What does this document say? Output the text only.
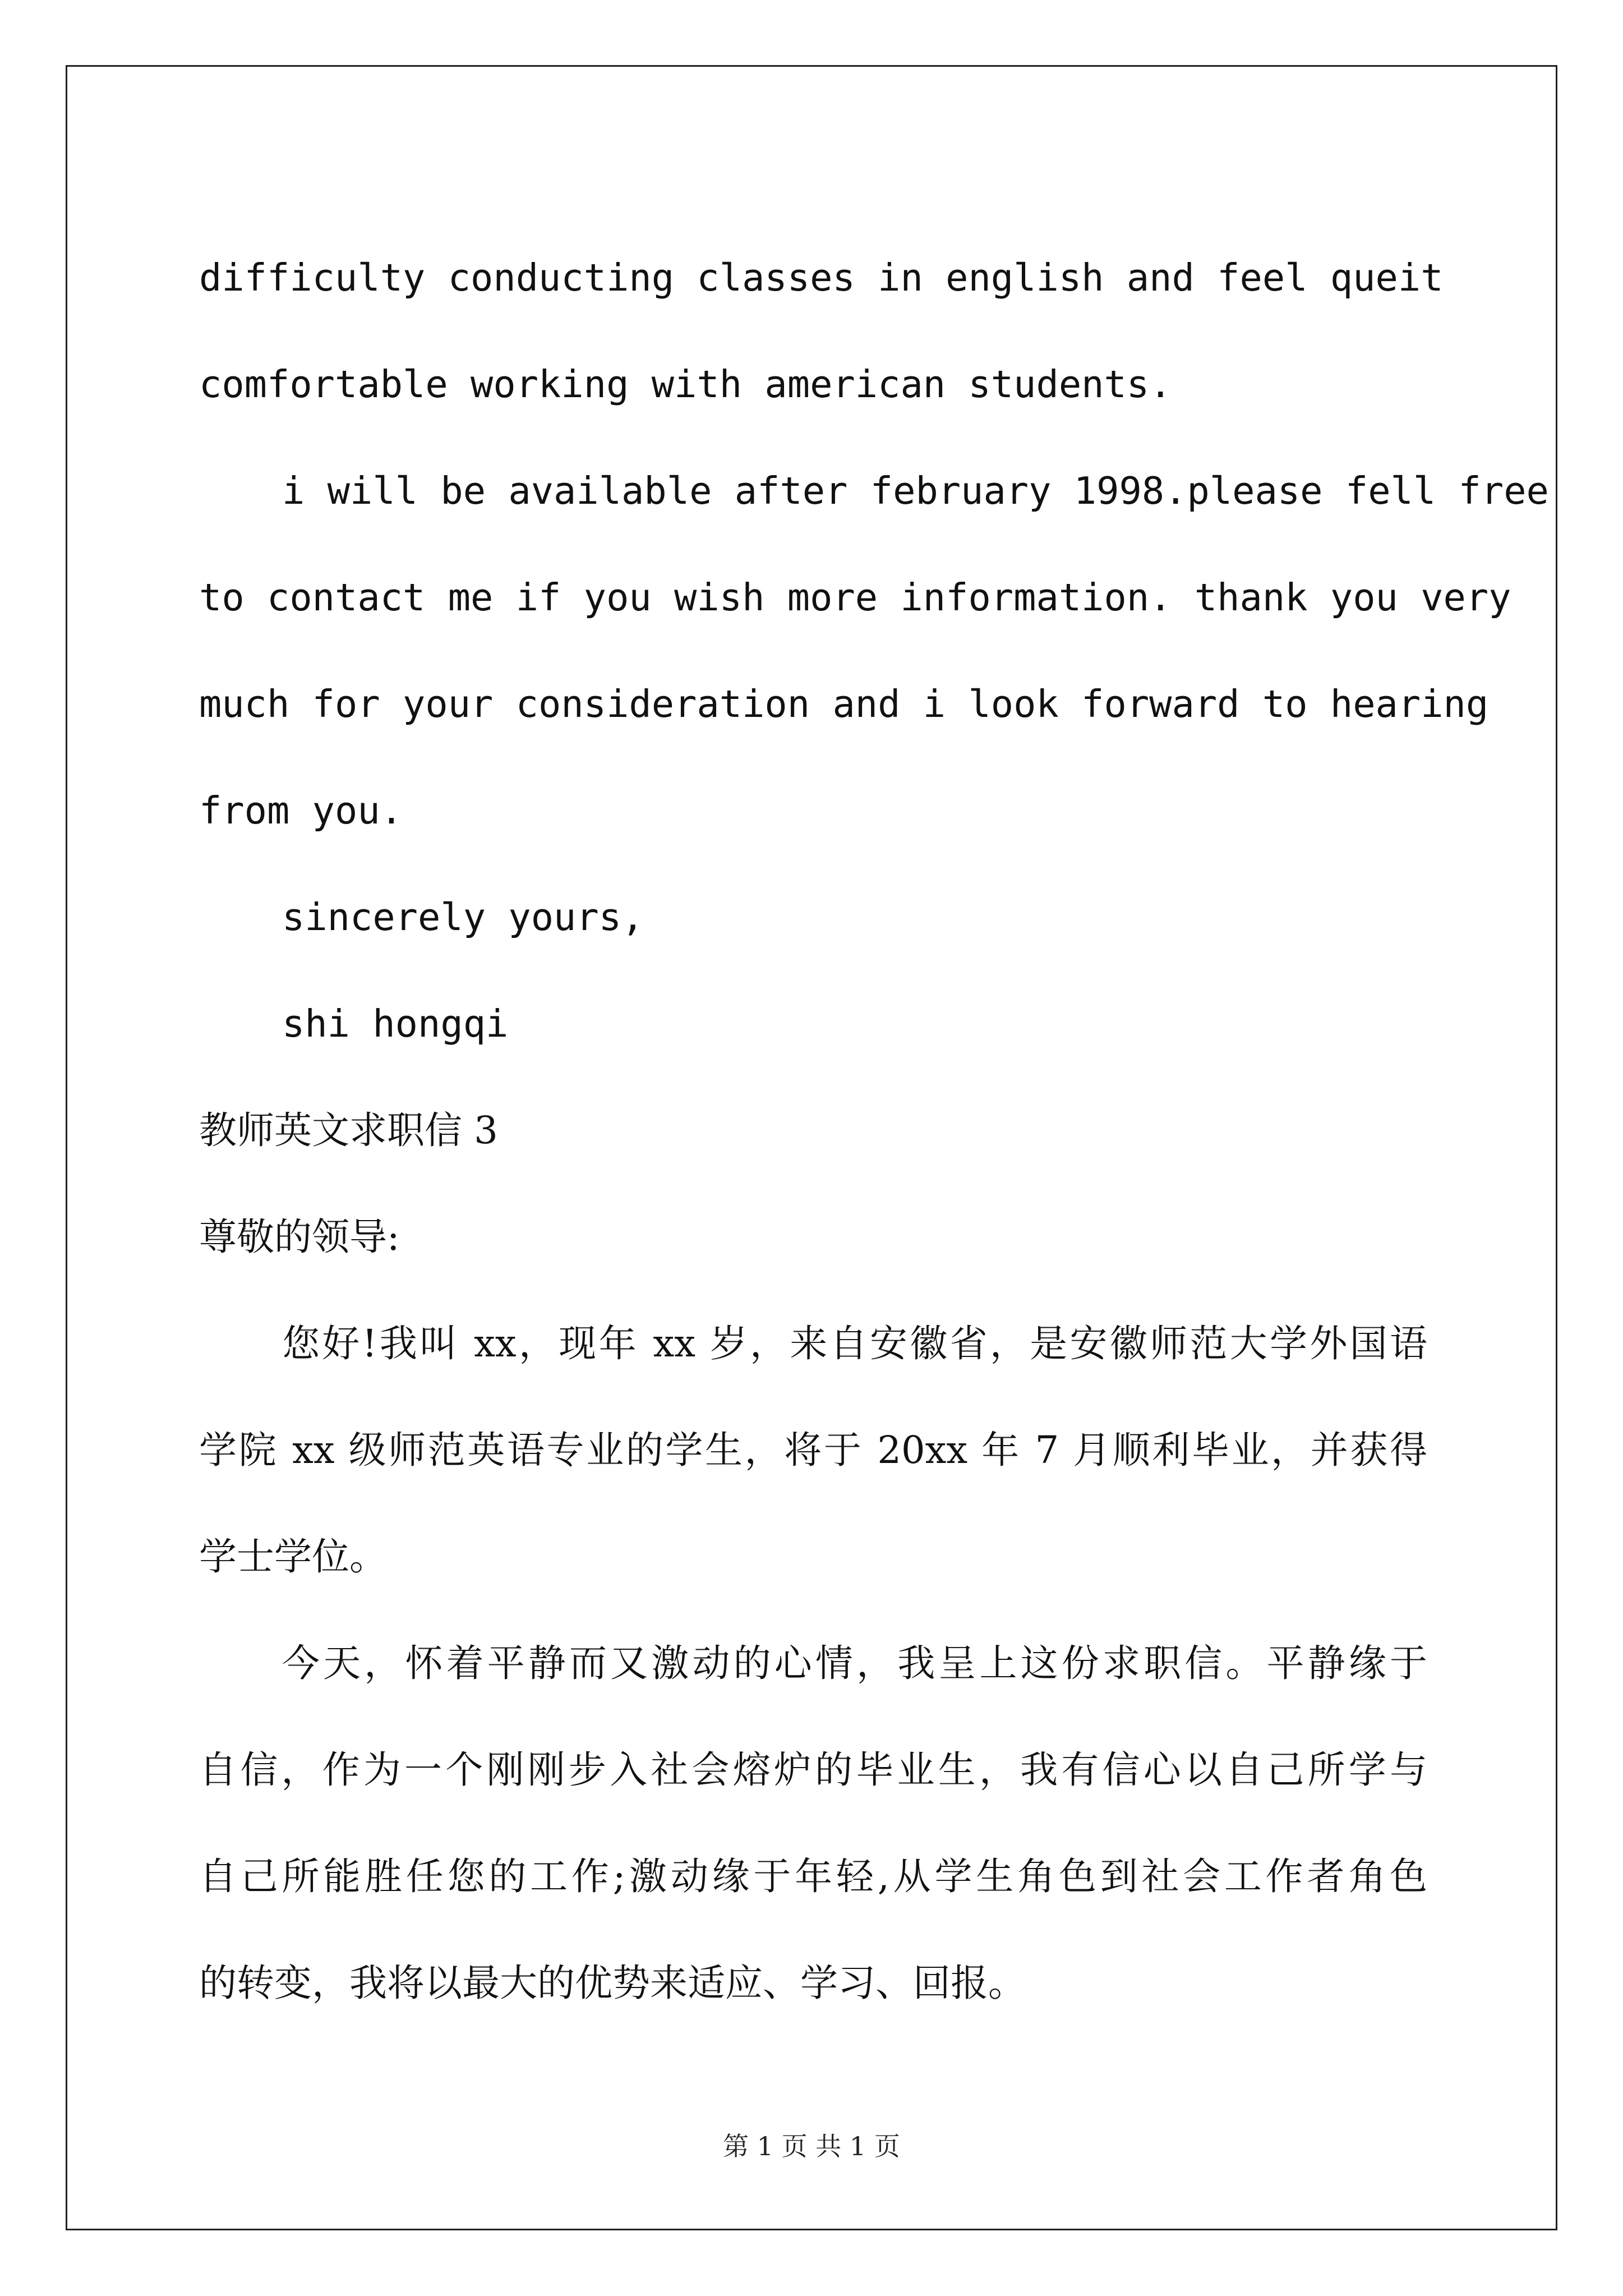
difficulty conducting classes in english and feel queit
comfortable working with american students.
i will be available after february 1998.please fell free
to contact me if you wish more information. thank you very
much for your consideration and i look forward to hearing
from you.
sincerely yours,
shi hongqi
教师英文求职信 3
尊敬的领导:
您好!我叫 xx，现年 xx 岁，来自安徽省，是安徽师范大学外国语
学院 xx 级师范英语专业的学生，将于 20xx 年 7 月顺利毕业，并获得
学士学位。
今天，怀着平静而又激动的心情，我呈上这份求职信。平静缘于
自信，作为一个刚刚步入社会熔炉的毕业生，我有信心以自己所学与
自己所能胜任您的工作;激动缘于年轻,从学生角色到社会工作者角色
的转变，我将以最大的优势来适应、学习、回报。
第 1 页 共 1 页
